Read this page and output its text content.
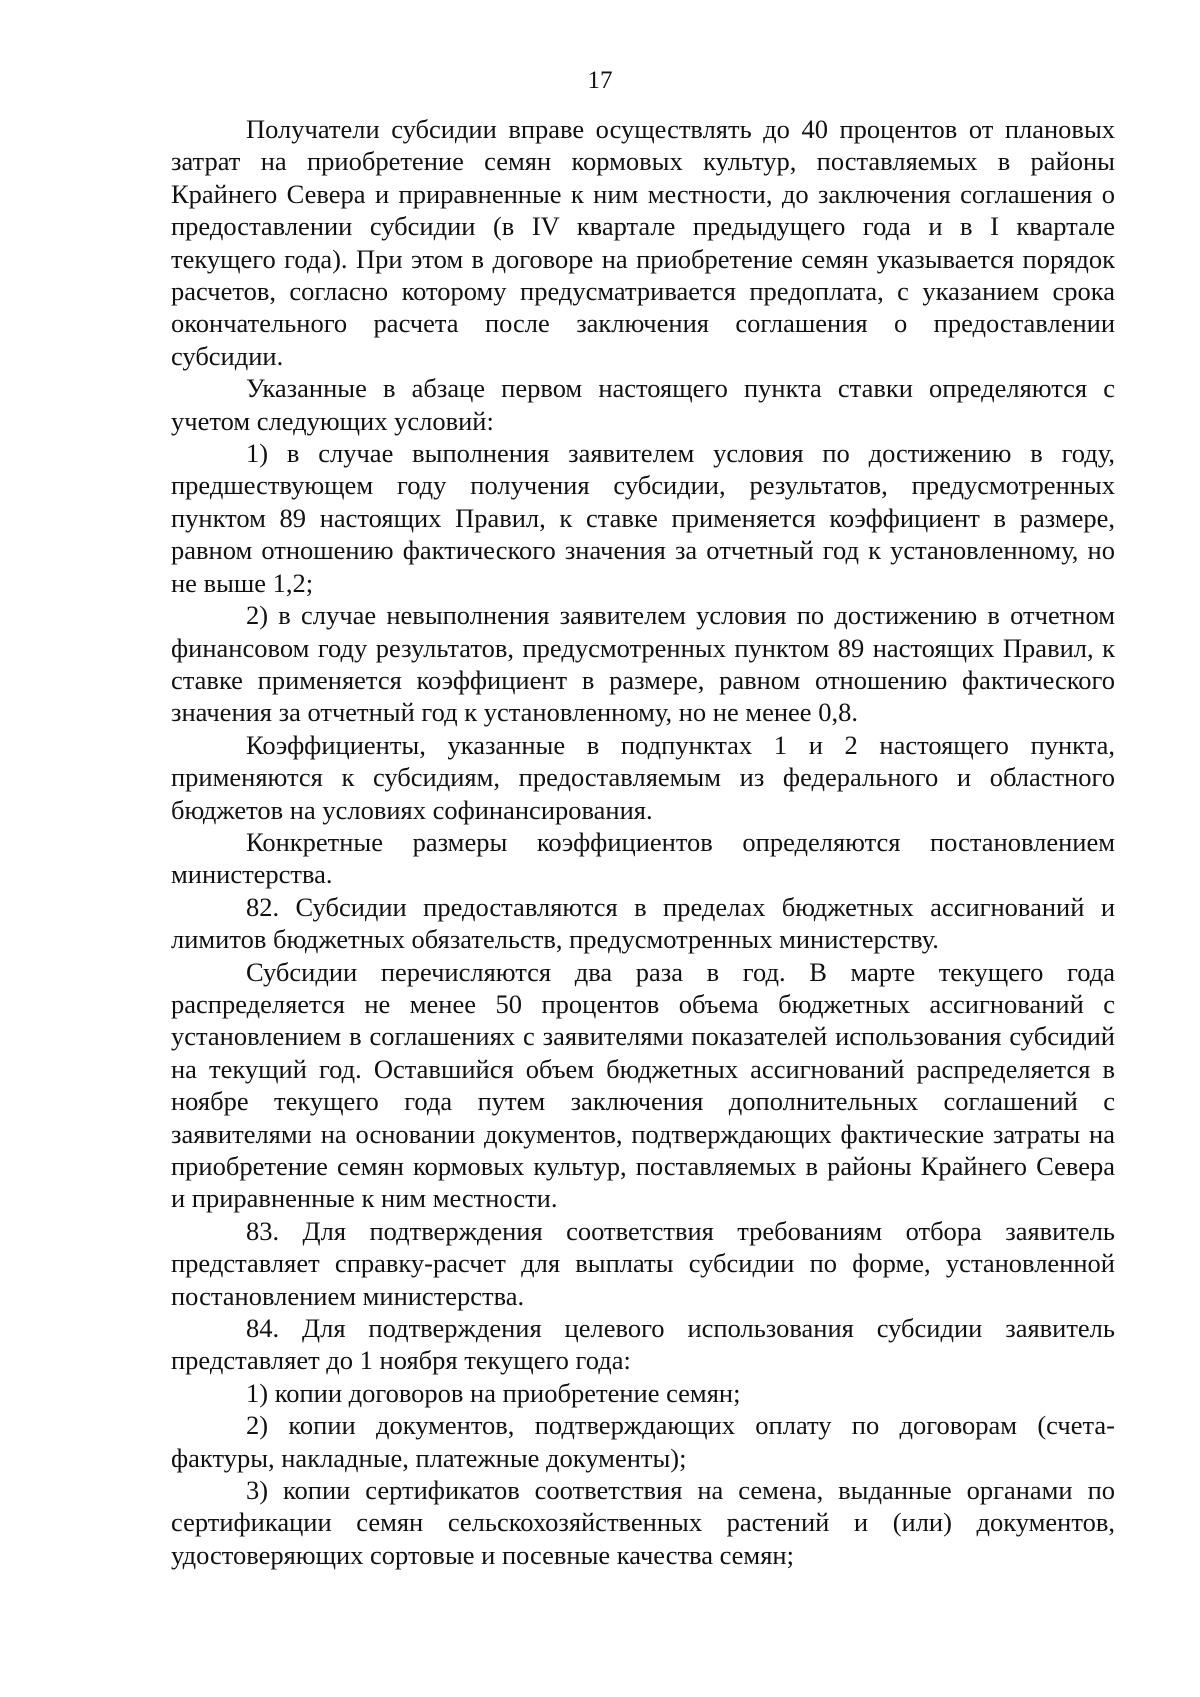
17

Получатели субсидии вправе осуществлять до 40 процентов от плановых затрат на приобретение семян кормовых культур, поставляемых в районы Крайнего Севера и приравненные к ним местности, до заключения соглашения о предоставлении субсидии (в IV квартале предыдущего года и в I квартале текущего года). При этом в договоре на приобретение семян указывается порядок расчетов, согласно которому предусматривается предоплата, с указанием срока окончательного расчета после заключения соглашения о предоставлении субсидии.

Указанные в абзаце первом настоящего пункта ставки определяются с учетом следующих условий:

1) в случае выполнения заявителем условия по достижению в году, предшествующем году получения субсидии, результатов, предусмотренных пунктом 89 настоящих Правил, к ставке применяется коэффициент в размере, равном отношению фактического значения за отчетный год к установленному, но не выше 1,2;

2) в случае невыполнения заявителем условия по достижению в отчетном финансовом году результатов, предусмотренных пунктом 89 настоящих Правил, к ставке применяется коэффициент в размере, равном отношению фактического значения за отчетный год к установленному, но не менее 0,8.

Коэффициенты, указанные в подпунктах 1 и 2 настоящего пункта, применяются к субсидиям, предоставляемым из федерального и областного бюджетов на условиях софинансирования.

Конкретные размеры коэффициентов определяются постановлением министерства.

82. Субсидии предоставляются в пределах бюджетных ассигнований и лимитов бюджетных обязательств, предусмотренных министерству.

Субсидии перечисляются два раза в год. В марте текущего года распределяется не менее 50 процентов объема бюджетных ассигнований с установлением в соглашениях с заявителями показателей использования субсидий на текущий год. Оставшийся объем бюджетных ассигнований распределяется в ноябре текущего года путем заключения дополнительных соглашений с заявителями на основании документов, подтверждающих фактические затраты на приобретение семян кормовых культур, поставляемых в районы Крайнего Севера и приравненные к ним местности.

83. Для подтверждения соответствия требованиям отбора заявитель представляет справку-расчет для выплаты субсидии по форме, установленной постановлением министерства.

84. Для подтверждения целевого использования субсидии заявитель представляет до 1 ноября текущего года:

1) копии договоров на приобретение семян;

2) копии документов, подтверждающих оплату по договорам (счета-фактуры, накладные, платежные документы);

3) копии сертификатов соответствия на семена, выданные органами по сертификации семян сельскохозяйственных растений и (или) документов, удостоверяющих сортовые и посевные качества семян;
